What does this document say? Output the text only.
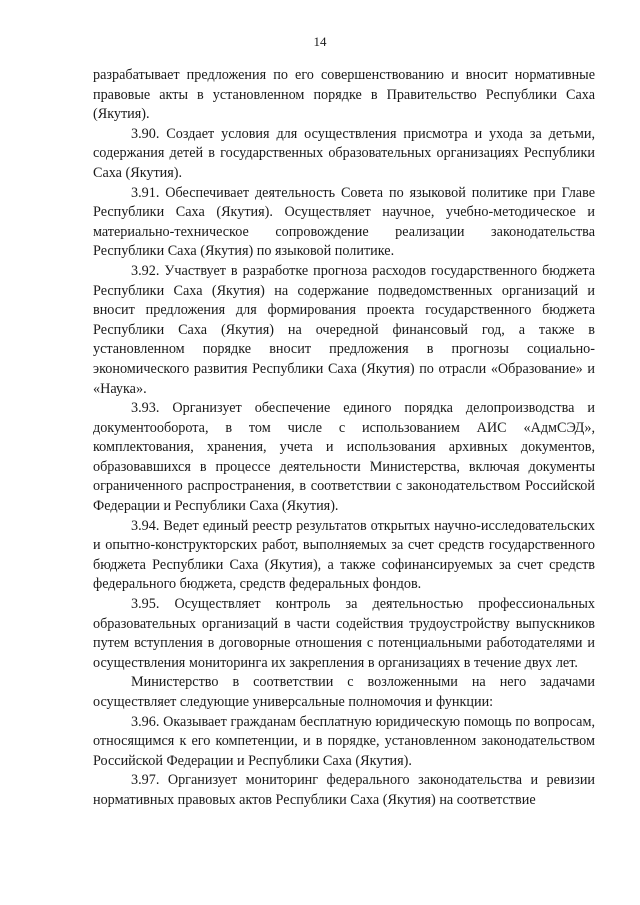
14

разрабатывает предложения по его совершенствованию и вносит нормативные правовые акты в установленном порядке в Правительство Республики Саха (Якутия).

3.90. Создает условия для осуществления присмотра и ухода за детьми, содержания детей в государственных образовательных организациях Республики Саха (Якутия).

3.91. Обеспечивает деятельность Совета по языковой политике при Главе Республики Саха (Якутия). Осуществляет научное, учебно-методическое и материально-техническое сопровождение реализации законодательства Республики Саха (Якутия) по языковой политике.

3.92. Участвует в разработке прогноза расходов государственного бюджета Республики Саха (Якутия) на содержание подведомственных организаций и вносит предложения для формирования проекта государственного бюджета Республики Саха (Якутия) на очередной финансовый год, а также в установленном порядке вносит предложения в прогнозы социально-экономического развития Республики Саха (Якутия) по отрасли «Образование» и «Наука».

3.93. Организует обеспечение единого порядка делопроизводства и документооборота, в том числе с использованием АИС «АдмСЭД», комплектования, хранения, учета и использования архивных документов, образовавшихся в процессе деятельности Министерства, включая документы ограниченного распространения, в соответствии с законодательством Российской Федерации и Республики Саха (Якутия).

3.94. Ведет единый реестр результатов открытых научно-исследовательских и опытно-конструкторских работ, выполняемых за счет средств государственного бюджета Республики Саха (Якутия), а также софинансируемых за счет средств федерального бюджета, средств федеральных фондов.

3.95. Осуществляет контроль за деятельностью профессиональных образовательных организаций в части содействия трудоустройству выпускников путем вступления в договорные отношения с потенциальными работодателями и осуществления мониторинга их закрепления в организациях в течение двух лет.

Министерство в соответствии с возложенными на него задачами осуществляет следующие универсальные полномочия и функции:

3.96. Оказывает гражданам бесплатную юридическую помощь по вопросам, относящимся к его компетенции, и в порядке, установленном законодательством Российской Федерации и Республики Саха (Якутия).

3.97. Организует мониторинг федерального законодательства и ревизии нормативных правовых актов Республики Саха (Якутия) на соответствие
